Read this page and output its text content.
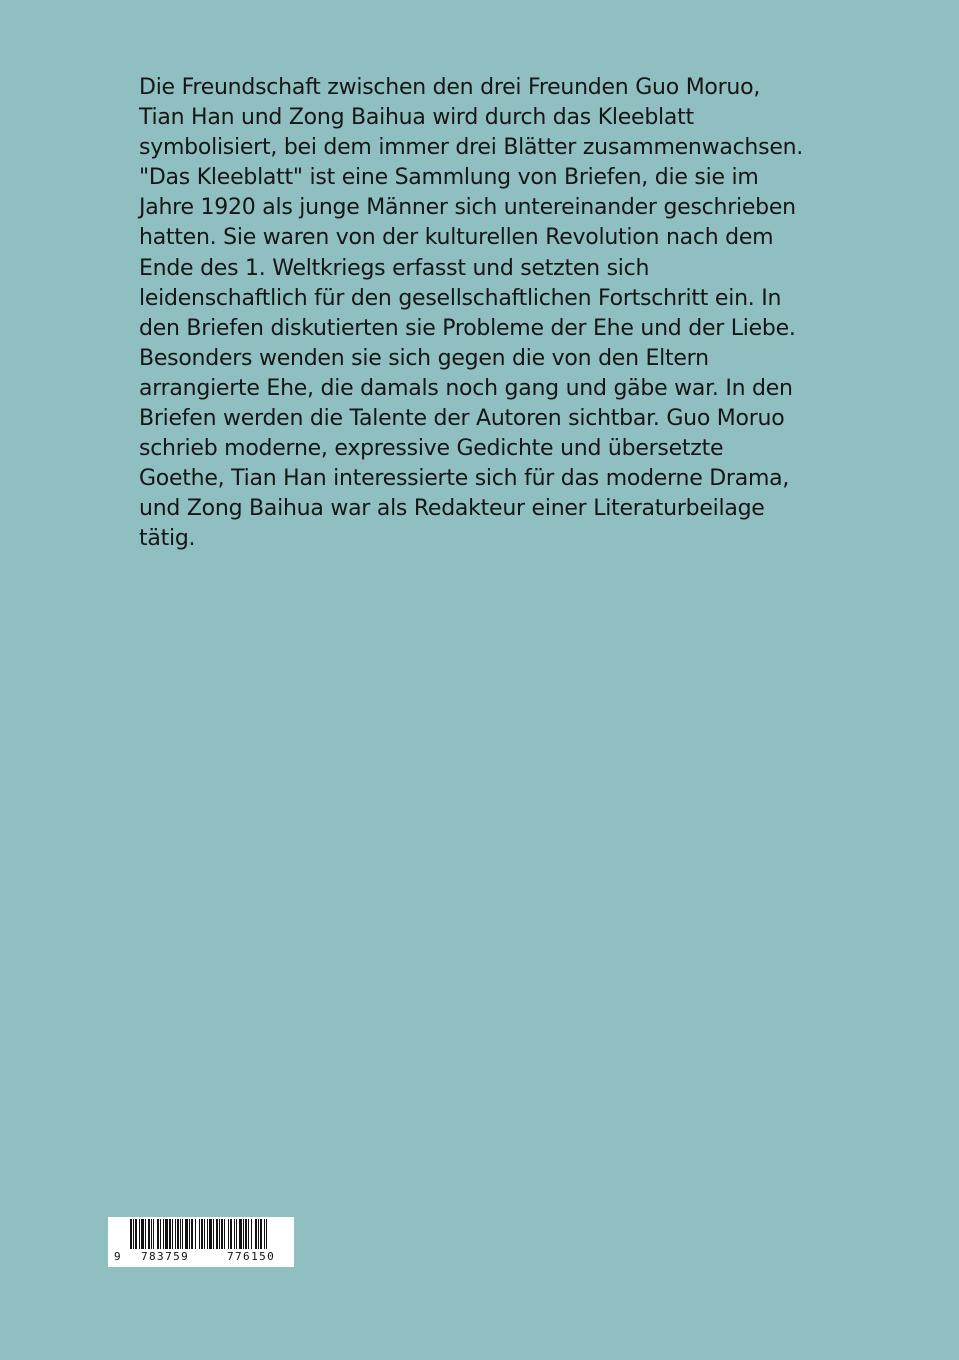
Die Freundschaft zwischen den drei Freunden Guo Moruo,
Tian Han und Zong Baihua wird durch das Kleeblatt
symbolisiert, bei dem immer drei Blätter zusammenwachsen.
"Das Kleeblatt" ist eine Sammlung von Briefen, die sie im
Jahre 1920 als junge Männer sich untereinander geschrieben
hatten. Sie waren von der kulturellen Revolution nach dem
Ende des 1. Weltkriegs erfasst und setzten sich
leidenschaftlich für den gesellschaftlichen Fortschritt ein. In
den Briefen diskutierten sie Probleme der Ehe und der Liebe.
Besonders wenden sie sich gegen die von den Eltern
arrangierte Ehe, die damals noch gang und gäbe war. In den
Briefen werden die Talente der Autoren sichtbar. Guo Moruo
schrieb moderne, expressive Gedichte und übersetzte
Goethe, Tian Han interessierte sich für das moderne Drama,
und Zong Baihua war als Redakteur einer Literaturbeilage
tätig.
9 783759	776150
